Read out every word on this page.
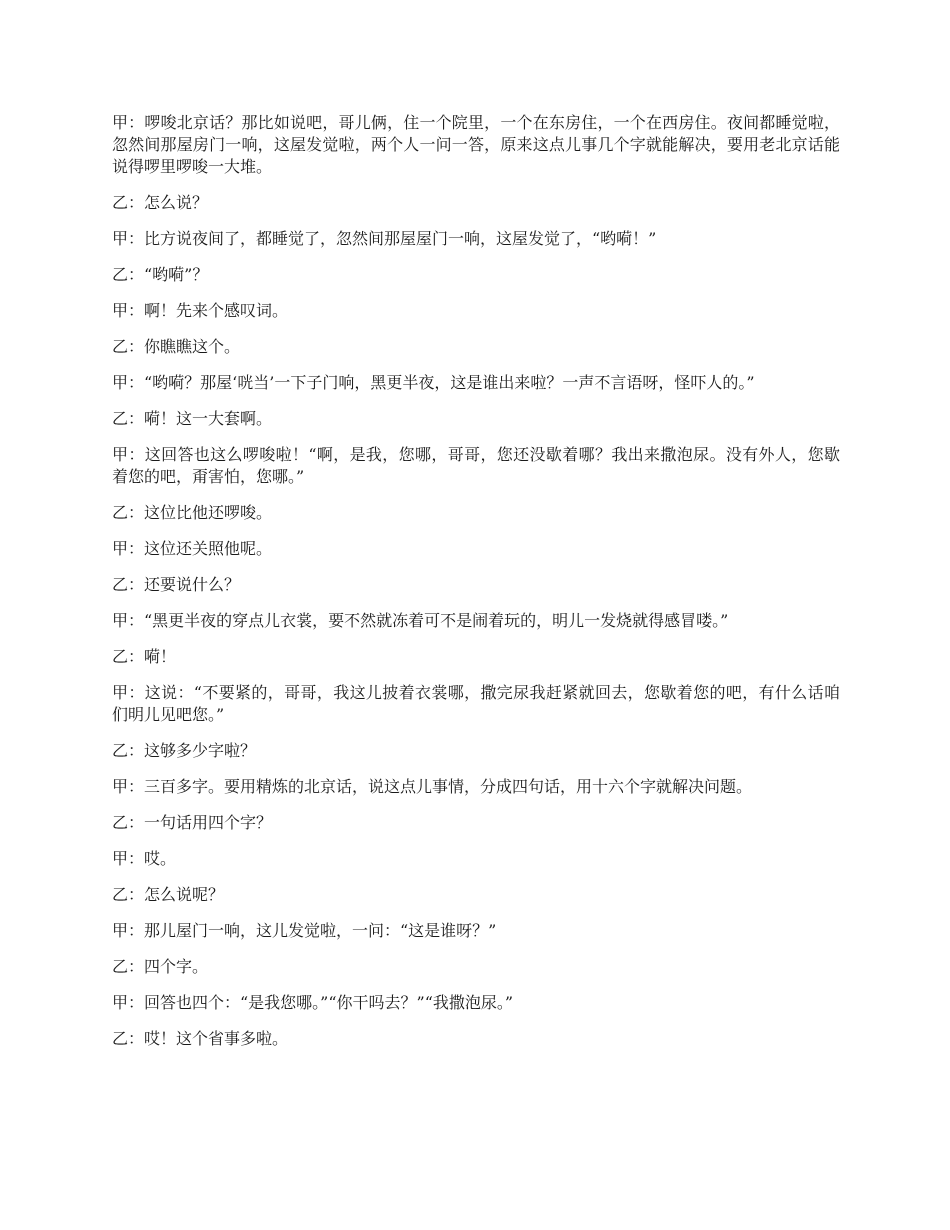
甲：啰唆北京话？那比如说吧，哥儿俩，住一个院里，一个在东房住，一个在西房住。夜间都睡觉啦，忽然间那屋房门一响，这屋发觉啦，两个人一问一答，原来这点儿事几个字就能解决，要用老北京话能说得啰里啰唆一大堆。

乙：怎么说？

甲：比方说夜间了，都睡觉了，忽然间那屋屋门一响，这屋发觉了，“哟嗬！”

乙：“哟嗬”？

甲：啊！先来个感叹词。

乙：你瞧瞧这个。

甲：“哟嗬？那屋‘咣当’一下子门响，黑更半夜，这是谁出来啦？一声不言语呀，怪吓人的。”

乙：嗬！这一大套啊。

甲：这回答也这么啰唆啦！“啊，是我，您哪，哥哥，您还没歇着哪？我出来撒泡尿。没有外人，您歇着您的吧，甭害怕，您哪。”

乙：这位比他还啰唆。

甲：这位还关照他呢。

乙：还要说什么？

甲：“黑更半夜的穿点儿衣裳，要不然就冻着可不是闹着玩的，明儿一发烧就得感冒喽。”

乙：嗬！

甲：这说：“不要紧的，哥哥，我这儿披着衣裳哪，撒完尿我赶紧就回去，您歇着您的吧，有什么话咱们明儿见吧您。”

乙：这够多少字啦？

甲：三百多字。要用精炼的北京话，说这点儿事情，分成四句话，用十六个字就解决问题。

乙：一句话用四个字？

甲：哎。

乙：怎么说呢？

甲：那儿屋门一响，这儿发觉啦，一问：“这是谁呀？”

乙：四个字。

甲：回答也四个：“是我您哪。”“你干吗去？”“我撒泡尿。”

乙：哎！这个省事多啦。
